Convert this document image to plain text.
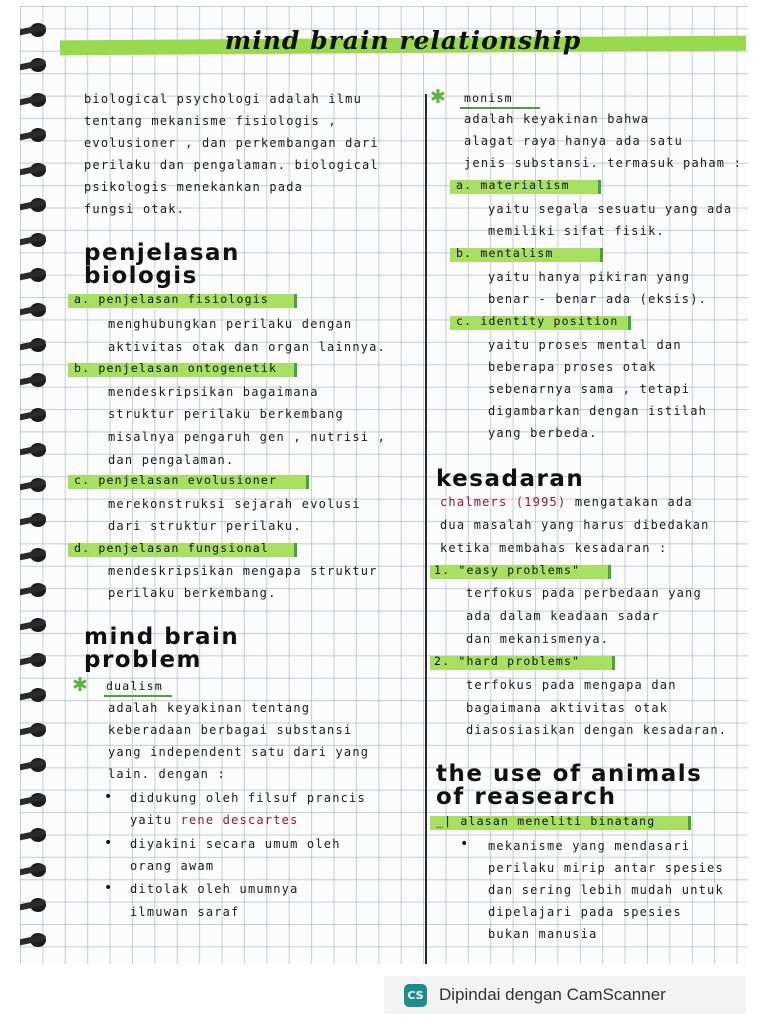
mind brain relationship
biological psychologi adalah ilmu
tentang mekanisme fisiologis ,
evolusioner , dan perkembangan dari
perilaku dan pengalaman. biological
psikologis menekankan pada
fungsi otak.
penjelasan
biologis
a. penjelasan fisiologis
menghubungkan perilaku dengan
aktivitas otak dan organ lainnya.
b. penjelasan ontogenetik
mendeskripsikan bagaimana
struktur perilaku berkembang
misalnya pengaruh gen , nutrisi ,
dan pengalaman.
c. penjelasan evolusioner
merekonstruksi sejarah evolusi
dari struktur perilaku.
d. penjelasan fungsional
mendeskripsikan mengapa struktur
perilaku berkembang.
mind brain
problem
✱ dualism
adalah keyakinan tentang
keberadaan berbagai substansi
yang independent satu dari yang
lain. dengan :
• didukung oleh filsuf prancis
yaitu rene descartes
• diyakini secara umum oleh
orang awam
• ditolak oleh umumnya
ilmuwan saraf
✱ monism
adalah keyakinan bahwa
alagat raya hanya ada satu
jenis substansi. termasuk paham :
a. materialism
yaitu segala sesuatu yang ada
memiliki sifat fisik.
b. mentalism
yaitu hanya pikiran yang
benar - benar ada (eksis).
c. identity position
yaitu proses mental dan
beberapa proses otak
sebenarnya sama , tetapi
digambarkan dengan istilah
yang berbeda.
kesadaran
chalmers (1995) mengatakan ada
dua masalah yang harus dibedakan
ketika membahas kesadaran :
1. "easy problems"
terfokus pada perbedaan yang
ada dalam keadaan sadar
dan mekanismenya.
2. "hard problems"
terfokus pada mengapa dan
bagaimana aktivitas otak
diasosiasikan dengan kesadaran.
the use of animals
of reasearch
_| alasan meneliti binatang
• mekanisme yang mendasari
perilaku mirip antar spesies
dan sering lebih mudah untuk
dipelajari pada spesies
bukan manusia
CS Dipindai dengan CamScanner
